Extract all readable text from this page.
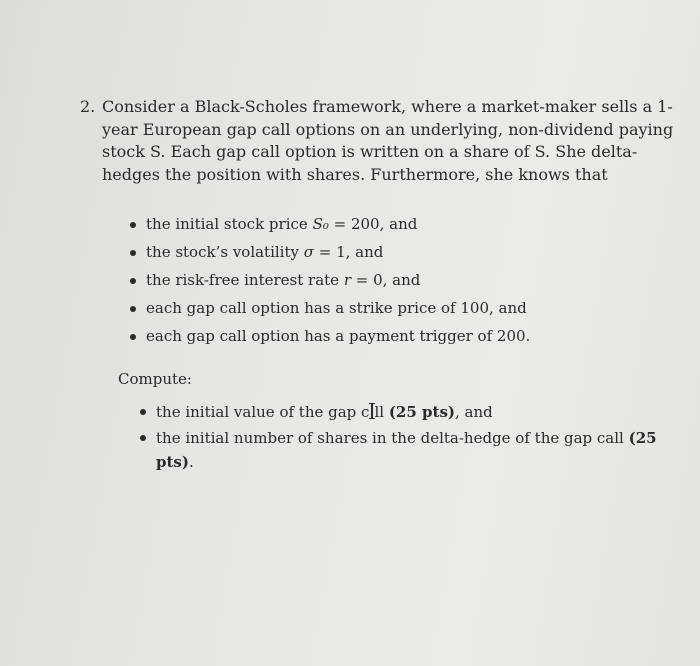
2. Consider a Black-Scholes framework, where a market-maker sells a 1-
year European gap call options on an underlying, non-dividend paying
stock S. Each gap call option is written on a share of S. She delta-
hedges the position with shares. Furthermore, she knows that
the initial stock price S₀ = 200, and
the stock’s volatility σ = 1, and
the risk-free interest rate r = 0, and
each gap call option has a strike price of 100, and
each gap call option has a payment trigger of 200.
Compute:
the initial value of the gap c ll (25 pts), and
the initial number of shares in the delta-hedge of the gap call (25
pts).
